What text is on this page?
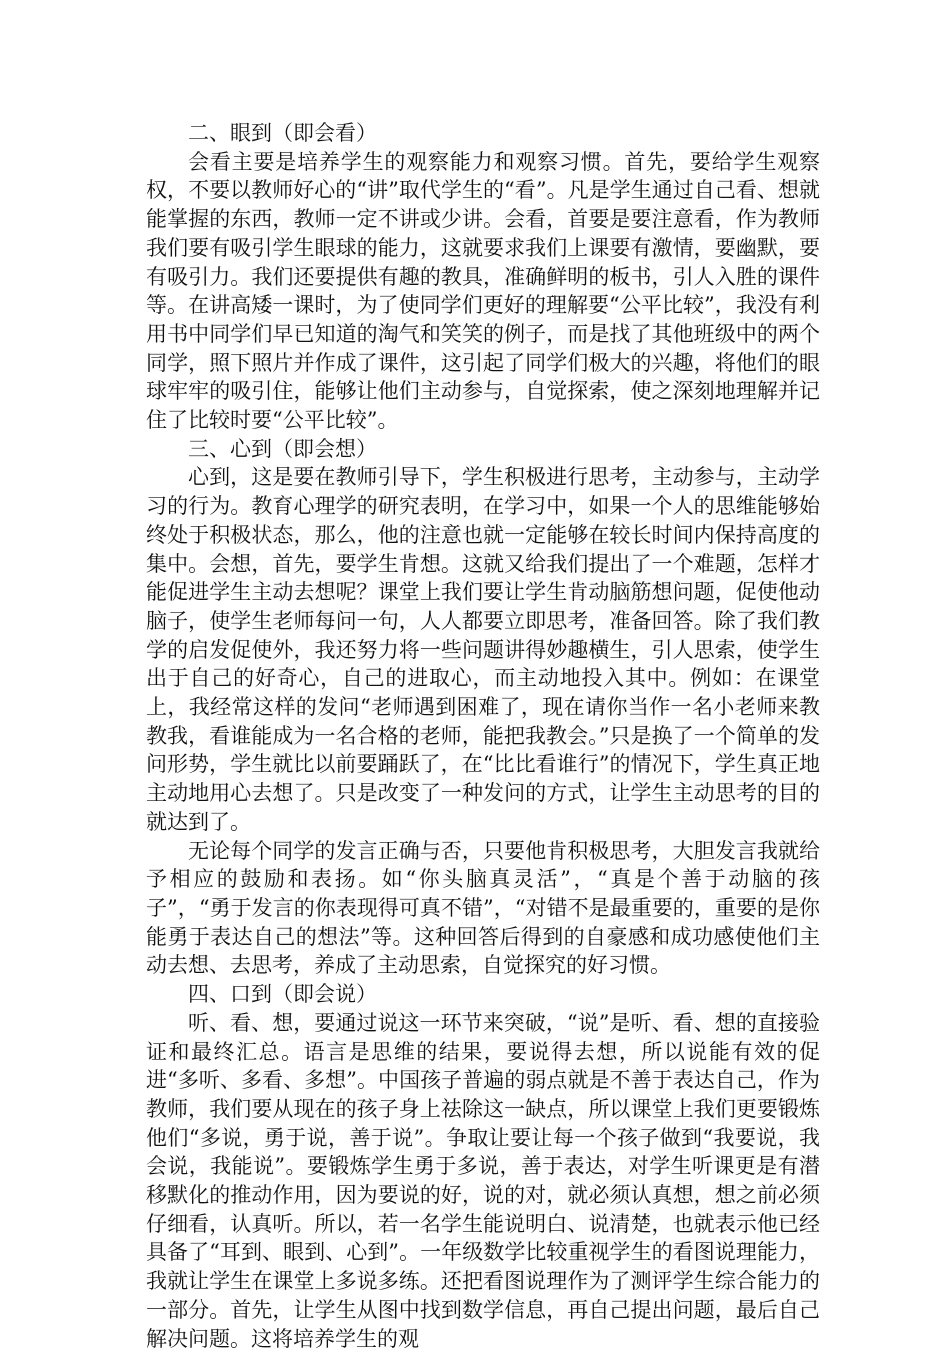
二、眼到（即会看）

会看主要是培养学生的观察能力和观察习惯。首先，要给学生观察权，不要以教师好心的“讲”取代学生的“看”。凡是学生通过自己看、想就能掌握的东西，教师一定不讲或少讲。会看，首要是要注意看，作为教师我们要有吸引学生眼球的能力，这就要求我们上课要有激情，要幽默，要有吸引力。我们还要提供有趣的教具，准确鲜明的板书，引人入胜的课件等。在讲高矮一课时，为了使同学们更好的理解要“公平比较”，我没有利用书中同学们早已知道的淘气和笑笑的例子，而是找了其他班级中的两个同学，照下照片并作成了课件，这引起了同学们极大的兴趣，将他们的眼球牢牢的吸引住，能够让他们主动参与，自觉探索，使之深刻地理解并记住了比较时要“公平比较”。

三、心到（即会想）

心到，这是要在教师引导下，学生积极进行思考，主动参与，主动学习的行为。教育心理学的研究表明，在学习中，如果一个人的思维能够始终处于积极状态，那么，他的注意也就一定能够在较长时间内保持高度的集中。会想，首先，要学生肯想。这就又给我们提出了一个难题，怎样才能促进学生主动去想呢？课堂上我们要让学生肯动脑筋想问题，促使他动脑子，使学生老师每问一句，人人都要立即思考，准备回答。除了我们教学的启发促使外，我还努力将一些问题讲得妙趣横生，引人思索，使学生出于自己的好奇心，自己的进取心，而主动地投入其中。例如：在课堂上，我经常这样的发问“老师遇到困难了，现在请你当作一名小老师来教教我，看谁能成为一名合格的老师，能把我教会。”只是换了一个简单的发问形势，学生就比以前要踊跃了，在“比比看谁行”的情况下，学生真正地主动地用心去想了。只是改变了一种发问的方式，让学生主动思考的目的就达到了。

无论每个同学的发言正确与否，只要他肯积极思考，大胆发言我就给予相应的鼓励和表扬。如“你头脑真灵活”，“真是个善于动脑的孩子”，“勇于发言的你表现得可真不错”，“对错不是最重要的，重要的是你能勇于表达自己的想法”等。这种回答后得到的自豪感和成功感使他们主动去想、去思考，养成了主动思索，自觉探究的好习惯。

四、口到（即会说）

听、看、想，要通过说这一环节来突破，“说”是听、看、想的直接验证和最终汇总。语言是思维的结果，要说得去想，所以说能有效的促进“多听、多看、多想”。中国孩子普遍的弱点就是不善于表达自己，作为教师，我们要从现在的孩子身上祛除这一缺点，所以课堂上我们更要锻炼他们“多说，勇于说，善于说”。争取让要让每一个孩子做到“我要说，我会说，我能说”。要锻炼学生勇于多说，善于表达，对学生听课更是有潜移默化的推动作用，因为要说的好，说的对，就必须认真想，想之前必须仔细看，认真听。所以，若一名学生能说明白、说清楚，也就表示他已经具备了“耳到、眼到、心到”。一年级数学比较重视学生的看图说理能力，我就让学生在课堂上多说多练。还把看图说理作为了测评学生综合能力的一部分。首先，让学生从图中找到数学信息，再自己提出问题，最后自己解决问题。这将培养学生的观
